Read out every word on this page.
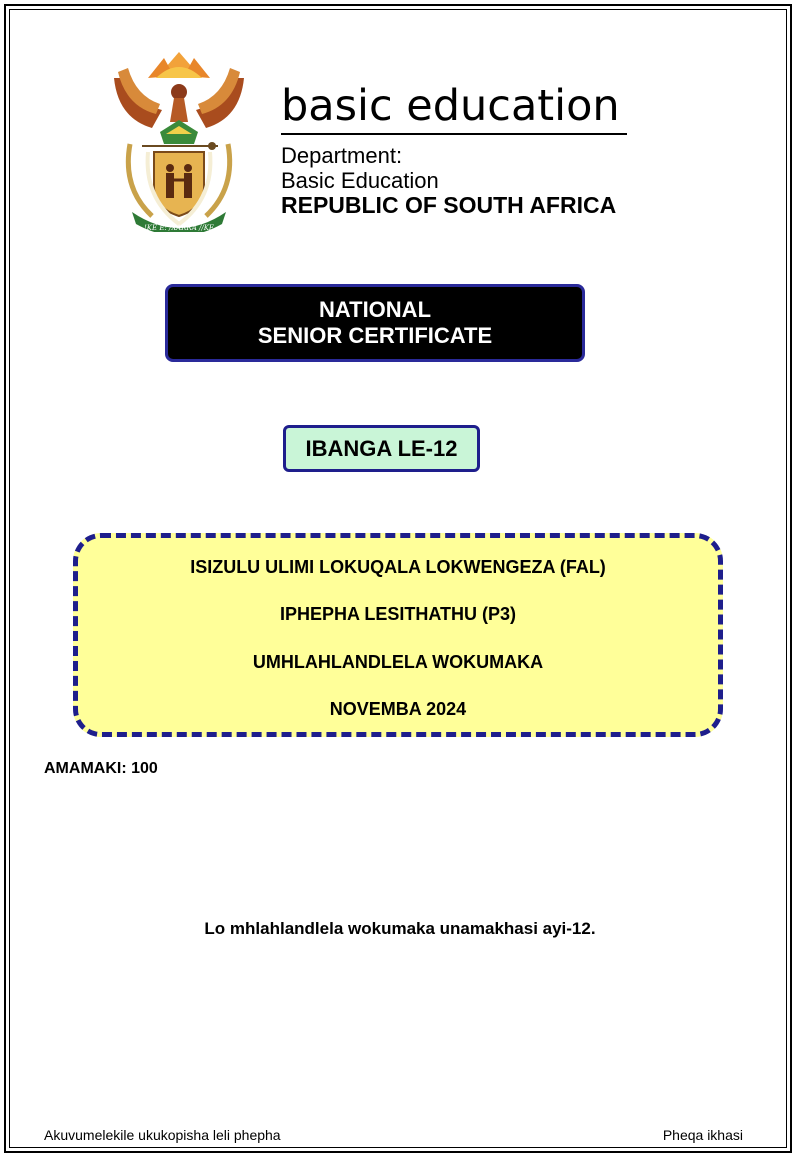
!KE E: /XARRA //KE

basic education

Department:

Basic Education

REPUBLIC OF SOUTH AFRICA

NATIONAL
SENIOR CERTIFICATE
IBANGA LE-12
ISIZULU ULIMI LOKUQALA LOKWENGEZA (FAL)
IPHEPHA LESITHATHU (P3)
UMHLAHLANDLELA WOKUMAKA
NOVEMBA 2024
AMAMAKI: 100
Lo mhlahlandlela wokumaka unamakhasi ayi-12.
Akuvumelekile ukukopisha leli phepha	Pheqa ikhasi
